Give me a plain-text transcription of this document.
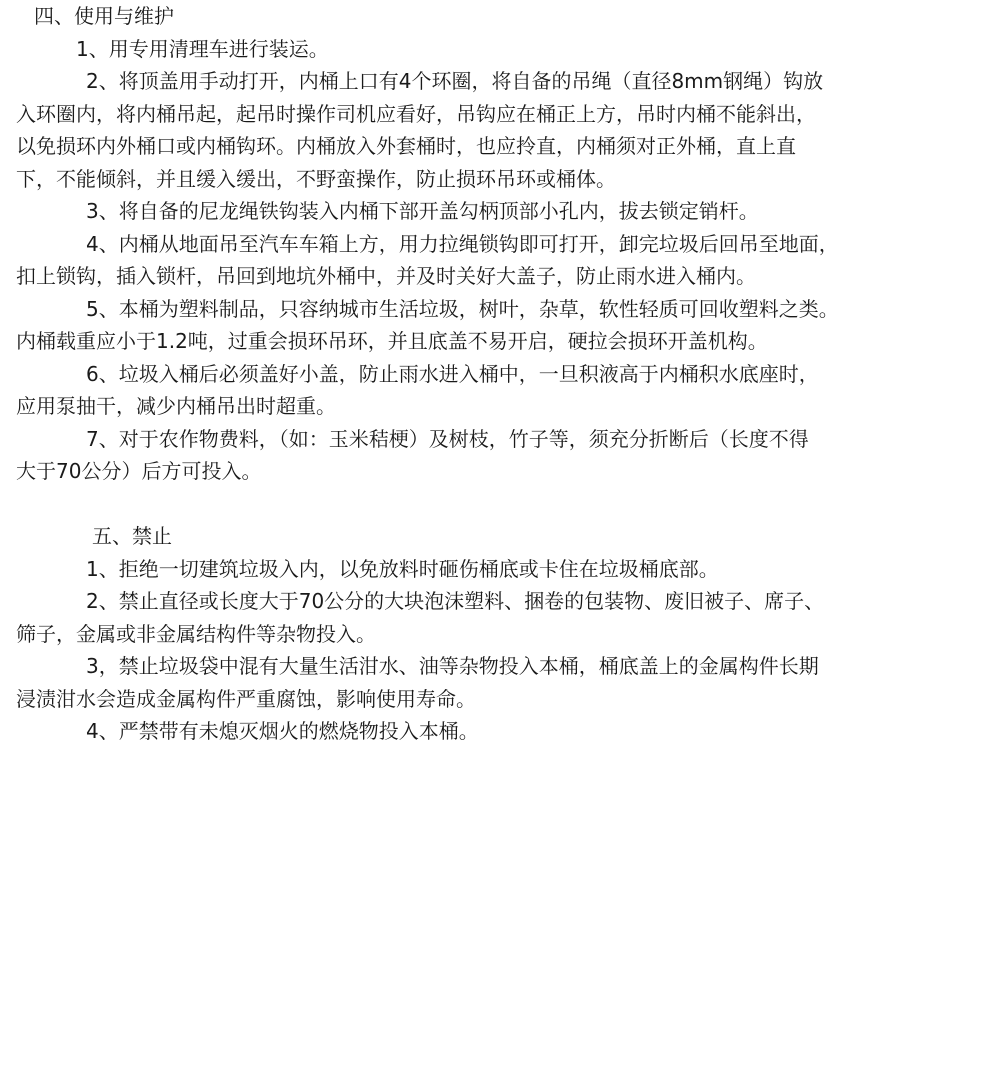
四、使用与维护
1、用专用清理车进行装运。
2、将顶盖用手动打开，内桶上口有4个环圈，将自备的吊绳（直径8mm钢绳）钩放
入环圈内，将内桶吊起，起吊时操作司机应看好，吊钩应在桶正上方，吊时内桶不能斜出，
以免损环内外桶口或内桶钩环。内桶放入外套桶时，也应拎直，内桶须对正外桶，直上直
下，不能倾斜，并且缓入缓出，不野蛮操作，防止损环吊环或桶体。
3、将自备的尼龙绳铁钩装入内桶下部开盖勾柄顶部小孔内，拔去锁定销杆。
4、内桶从地面吊至汽车车箱上方，用力拉绳锁钩即可打开，卸完垃圾后回吊至地面，
扣上锁钩，插入锁杆，吊回到地坑外桶中，并及时关好大盖子，防止雨水进入桶内。
5、本桶为塑料制品，只容纳城市生活垃圾，树叶，杂草，软性轻质可回收塑料之类。
内桶载重应小于1.2吨，过重会损环吊环，并且底盖不易开启，硬拉会损环开盖机构。
6、垃圾入桶后必须盖好小盖，防止雨水进入桶中，一旦积液高于内桶积水底座时，
应用泵抽干，减少内桶吊出时超重。
7、对于农作物费料，（如：玉米秸梗）及树枝，竹子等，须充分折断后（长度不得
大于70公分）后方可投入。
五、禁止
1、拒绝一切建筑垃圾入内，以免放料时砸伤桶底或卡住在垃圾桶底部。
2、禁止直径或长度大于70公分的大块泡沫塑料、捆卷的包装物、废旧被子、席子、
筛子，金属或非金属结构件等杂物投入。
3，禁止垃圾袋中混有大量生活泔水、油等杂物投入本桶，桶底盖上的金属构件长期
浸渍泔水会造成金属构件严重腐蚀，影响使用寿命。
4、严禁带有未熄灭烟火的燃烧物投入本桶。
